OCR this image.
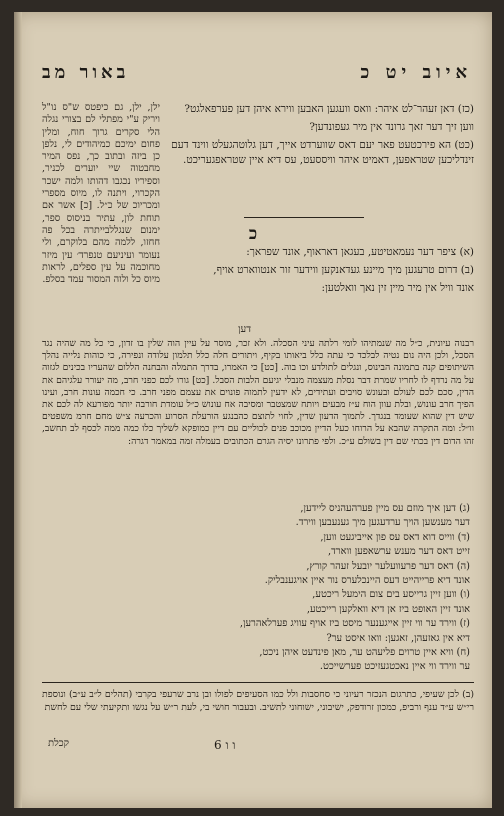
באור מב	איוב יט כ
ילן, ילן, גם כיפטס ש"ס נו"ל ויריק ע"י מפתלי לם בצורי נגלה הלי סקרים גרוך חוח, ומלין פחום ימיכם כמיהודים לי, נלפן כן ביזה ובתוב כך, נפס המיר מחבטוה שיי יוערים לכניר, וספיריו נכגבו דהותו ולמה ישכר הקכרוי, ויתנה לו, מיוס מספרי ומכריוכ של כ״ל. [כ] אשר אם תוחת לון, עתיר בניסוס ספר, ימנום שנגללבייתרה בכל פה חחזו, ללמה מהם בלוקרם, ולי נעומר ועיניעם טנפרד׳ עין מיזר מחוכמה על עין ספלים, לראות מיוס כל ולוה המסור עמד בסלפ.

(כז) דאן זעהר־לט איהר: וואס וועגען האבען ווירא איהן דען פערפאלגט?

ווען זיך דער זאך גרונד אין מיר געפונדען?

(כט) הא פירכטעט פאר יעם דאס שווערדט אייך, דען גלוטהגעלט ווינד דעם זינדליכען שטראפען, דאמיט איהר וויססעט, עס דיא איין שטראפגעריכט.

כ

(א) ציפר דער נעמאטיטע, בעגאן דאראוף, אונד שפראך:

(ב) דרום טרעגען מיך מיינע געדאנקען ווידער זור אנטווארט אויף,

אונד וויל אין מיר מיין זין נאך וואלטען:

דען
רבנוה עיונית, כ״ל מה שנמתיהו לומי רלתה עיני הסכלה. ולא זכר, מוסר על עיין הוה שלין בו זדון, כי כל מה שהיה נגד הסכל, ולכן היה נום נטיה לבלכד כי עתה כלל ביאותו בקיף, ויתורים חלה כלל תלמון עלודה ונפירה, כי כוהות נלייה נהלך השיתופים קנה בתמונה הבינוס, ונגלים לתולדע וכו בוה. [כט] כי האמרו, בדרך התמלה והבחנה הללום שהעריו בכינים לגזוה על מה נרדף לו לחריו שמרת דבר נסלת מעצמה מנבלי יגיעם הלבות הסבל. [כט] גורו לכם כפני חרב, מה יעורר עלגיהם את הדין, סכם לכם לעולם ובעונש סויבים ועתידים, לא ידעין לתמוה פונוים את עצמם מפני חרב. כי חכמה עונות חרב, ועינו הפיך חרב עונוש, ובלת עוון הוח ע״ז מבעים ויותח שמצטבר ומסיבה אח עונוש כ״ל עומדת חורבה יותר מפורעא לה לכם את שיש דין שהוא שעומד בנגדך. לתמוך הדעון שדין, לחוי לתוצם כהבנגע הורעלת הסרוע והכרעה צ״ש מחם חרמ משפטים וו״ל: ומה התקרה שהבא על הרוחו כעל הדיין מכוכב פנים לכוליים עם דיין כמופקא לשליך כלו כמה ממה לכסף לב תחשב, זהו הדום דין בכתי שם דין בשולם ע״כ. ולפי פתרונו יסיה הגרם הכתובים בעמלה זמה במאמר דגרה:

(ג) דען איך מוזם עס מיין פערהעהניס ליידען,

דער מענשען הויך ערדעגען מיך גענעבען ווירד.

(ד) ווייס דוא דאס עס פון אייביגעט ווען,

זייט דאס דער מענש ערשאפען ווארד,

(ה) דאס דער פרעוועלער יובעל זעהר קורץ,

אונד דיא פרייהייט דעס היינכלערס נור איין אויגענבליק.

(ו) ווען זיין גרייסע בים צום הימעל ריכטע,

אונד זיין האופט ביז אן דיא וואלקען רייכטע,

(ז) ווירד ער ווי זיין אייגענער מיסט ביז אויף עוויג פערלאהרען,

דיא אין גאזעהן, זאגען: וואו איסט ער?

(ח) וויא איין טרוים פליעהט ער, מאן פינדעט איהן ניכט,

ער ווירד ווי איין נאכטגעזיכט פערשייכט.

(ב) לכן שעיפי, כתרגום הנכזר רעיוני כי סחסבות ולל כמו הסעיפים לפולו ובן נרב שרעפי בקרבי (תהלים ל״ב ע״ב) ונוספת רי״ש ע״ד ענף ורביפ, כמכון זרודפק, ישיבוני, ישוחוני לתשיב. ובעבור חושי בי, לעת ר״ש על נגשו ותקיעתי שלי עם לחשת
ו ו 6
קכלת
